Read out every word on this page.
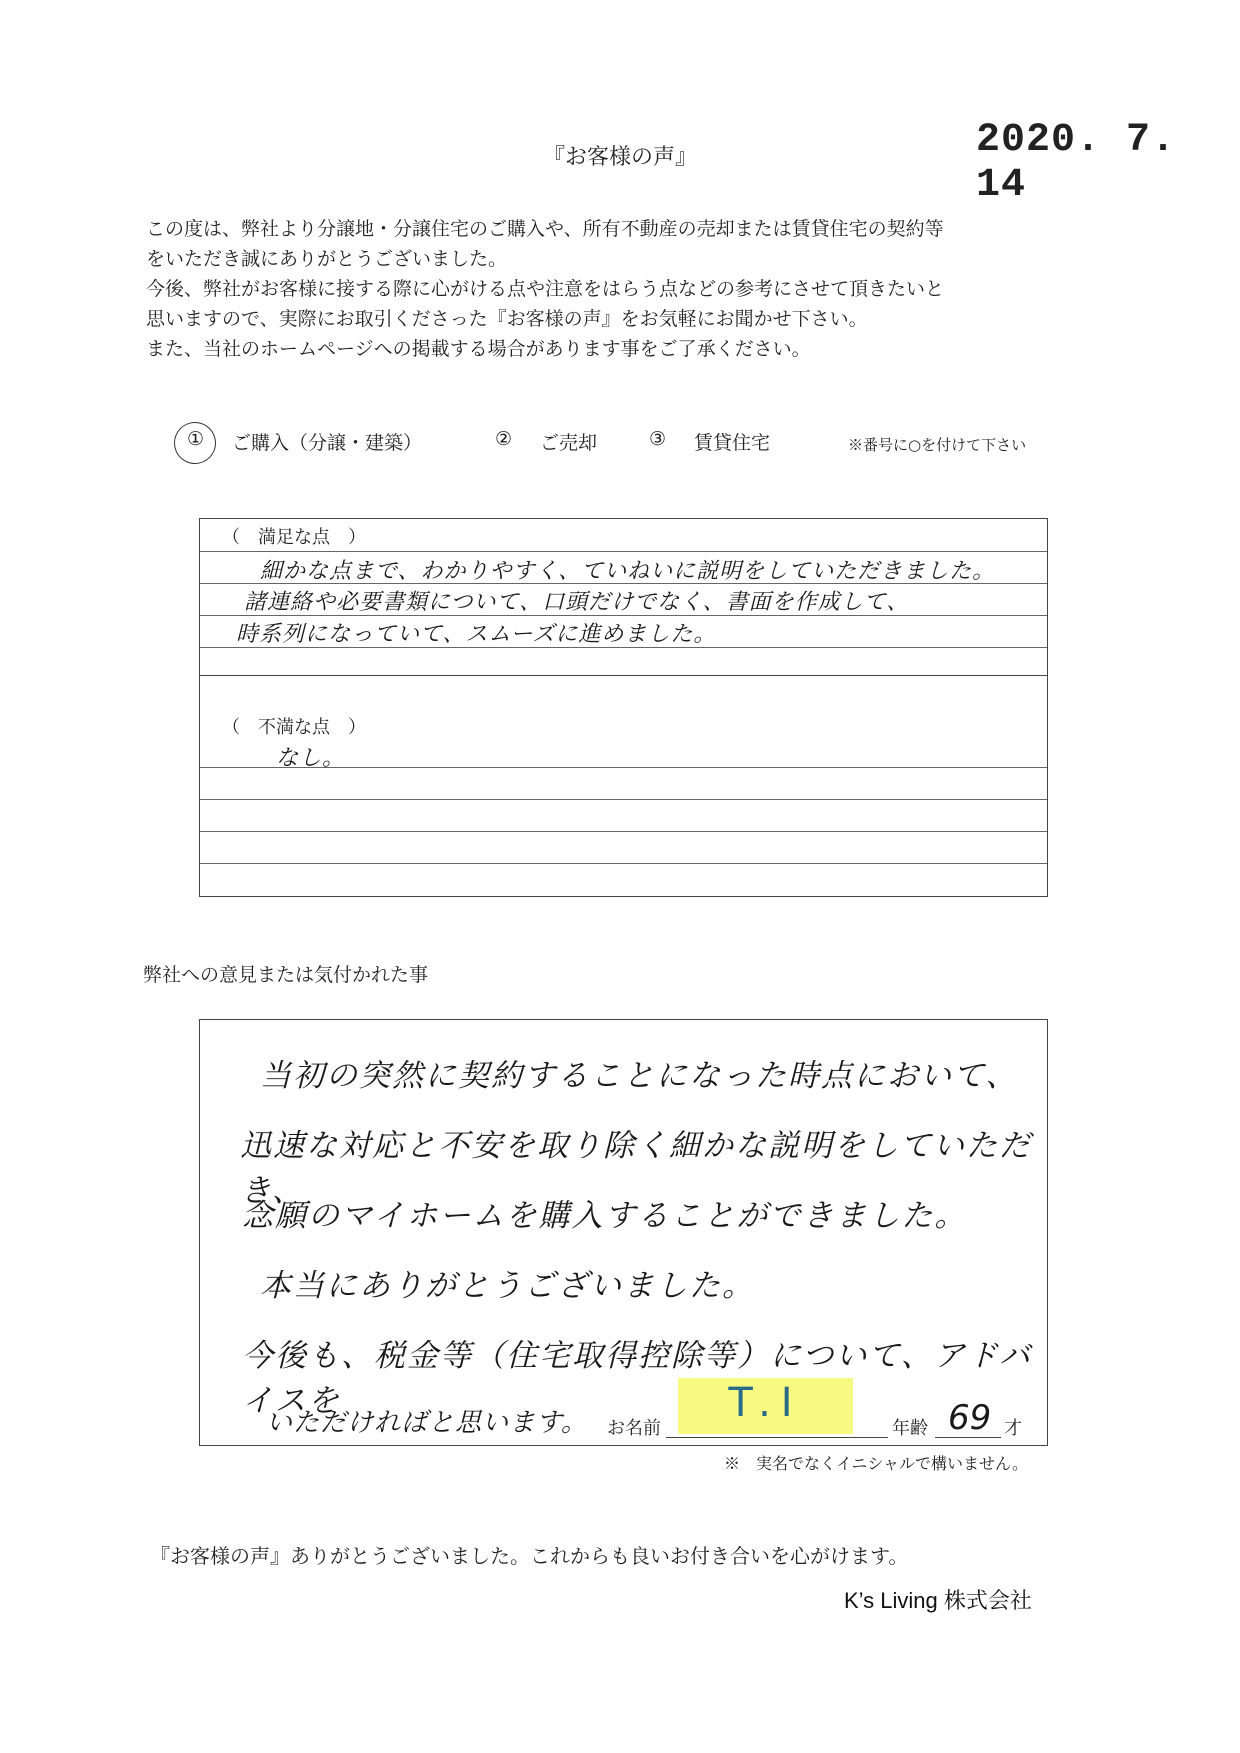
2020. 7. 14
『お客様の声』

この度は、弊社より分譲地・分譲住宅のご購入や、所有不動産の売却または賃貸住宅の契約等

をいただき誠にありがとうございました。

今後、弊社がお客様に接する際に心がける点や注意をはらう点などの参考にさせて頂きたいと

思いますので、実際にお取引くださった『お客様の声』をお気軽にお聞かせ下さい。

また、当社のホームページへの掲載する場合があります事をご了承ください。

① ご購入（分譲・建築）	② ご売却	③ 賃貸住宅	※番号に○を付けて下さい
（　満足な点　）
細かな点まで、わかりやすく、ていねいに説明をしていただきました。
諸連絡や必要書類について、口頭だけでなく、書面を作成して、
時系列になっていて、スムーズに進めました。
（　不満な点　）
なし。
弊社への意見または気付かれた事
当初の突然に契約することになった時点において、
迅速な対応と不安を取り除く細かな説明をしていただき、
念願のマイホームを購入することができました。
本当にありがとうございました。
今後も、税金等（住宅取得控除等）について、アドバイスを
いただければと思います。 お名前
T.I
年齢 69 才
※　実名でなくイニシャルで構いません。
『お客様の声』ありがとうございました。これからも良いお付き合いを心がけます。
K’s Living 株式会社
